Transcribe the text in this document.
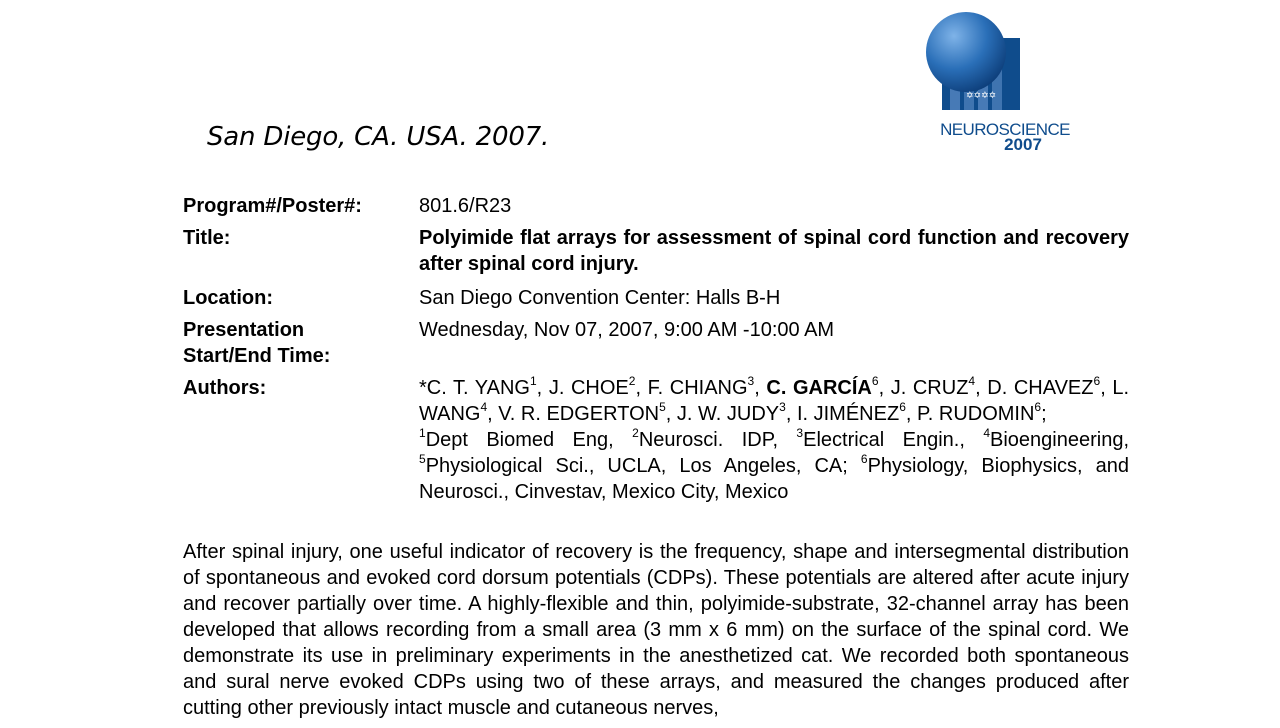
San Diego, CA. USA. 2007.
✡✡✡✡
NEUROSCIENCE
2007
Program#/Poster#:	801.6/R23
Title:	Polyimide flat arrays for assessment of spinal cord function and recovery after spinal cord injury.
Location:	San Diego Convention Center: Halls B-H
Presentation Start/End Time:
Wednesday, Nov 07, 2007, 9:00 AM -10:00 AM
Authors:	*C. T. YANG$^1$, J. CHOE$^2$, F. CHIANG$^3$, C. GARCÍA$^6$, J. CRUZ$^4$, D. CHAVEZ$^6$, L. WANG$^4$, V. R. EDGERTON$^5$, J. W. JUDY$^3$, I. JIMÉNEZ$^6$, P. RUDOMIN$^6$;
$^1$Dept Biomed Eng, $^2$Neurosci. IDP, $^3$Electrical Engin., $^4$Bioengineering, $^5$Physiological Sci., UCLA, Los Angeles, CA; $^6$Physiology, Biophysics, and Neurosci., Cinvestav, Mexico City, Mexico
After spinal injury, one useful indicator of recovery is the frequency, shape and intersegmental distribution of spontaneous and evoked cord dorsum potentials (CDPs). These potentials are altered after acute injury and recover partially over time. A highly-flexible and thin, polyimide-substrate, 32-channel array has been developed that allows recording from a small area (3 mm x 6 mm) on the surface of the spinal cord. We demonstrate its use in preliminary experiments in the anesthetized cat. We recorded both spontaneous and sural nerve evoked CDPs using two of these arrays, and measured the changes produced after cutting other previously intact muscle and cutaneous nerves,
